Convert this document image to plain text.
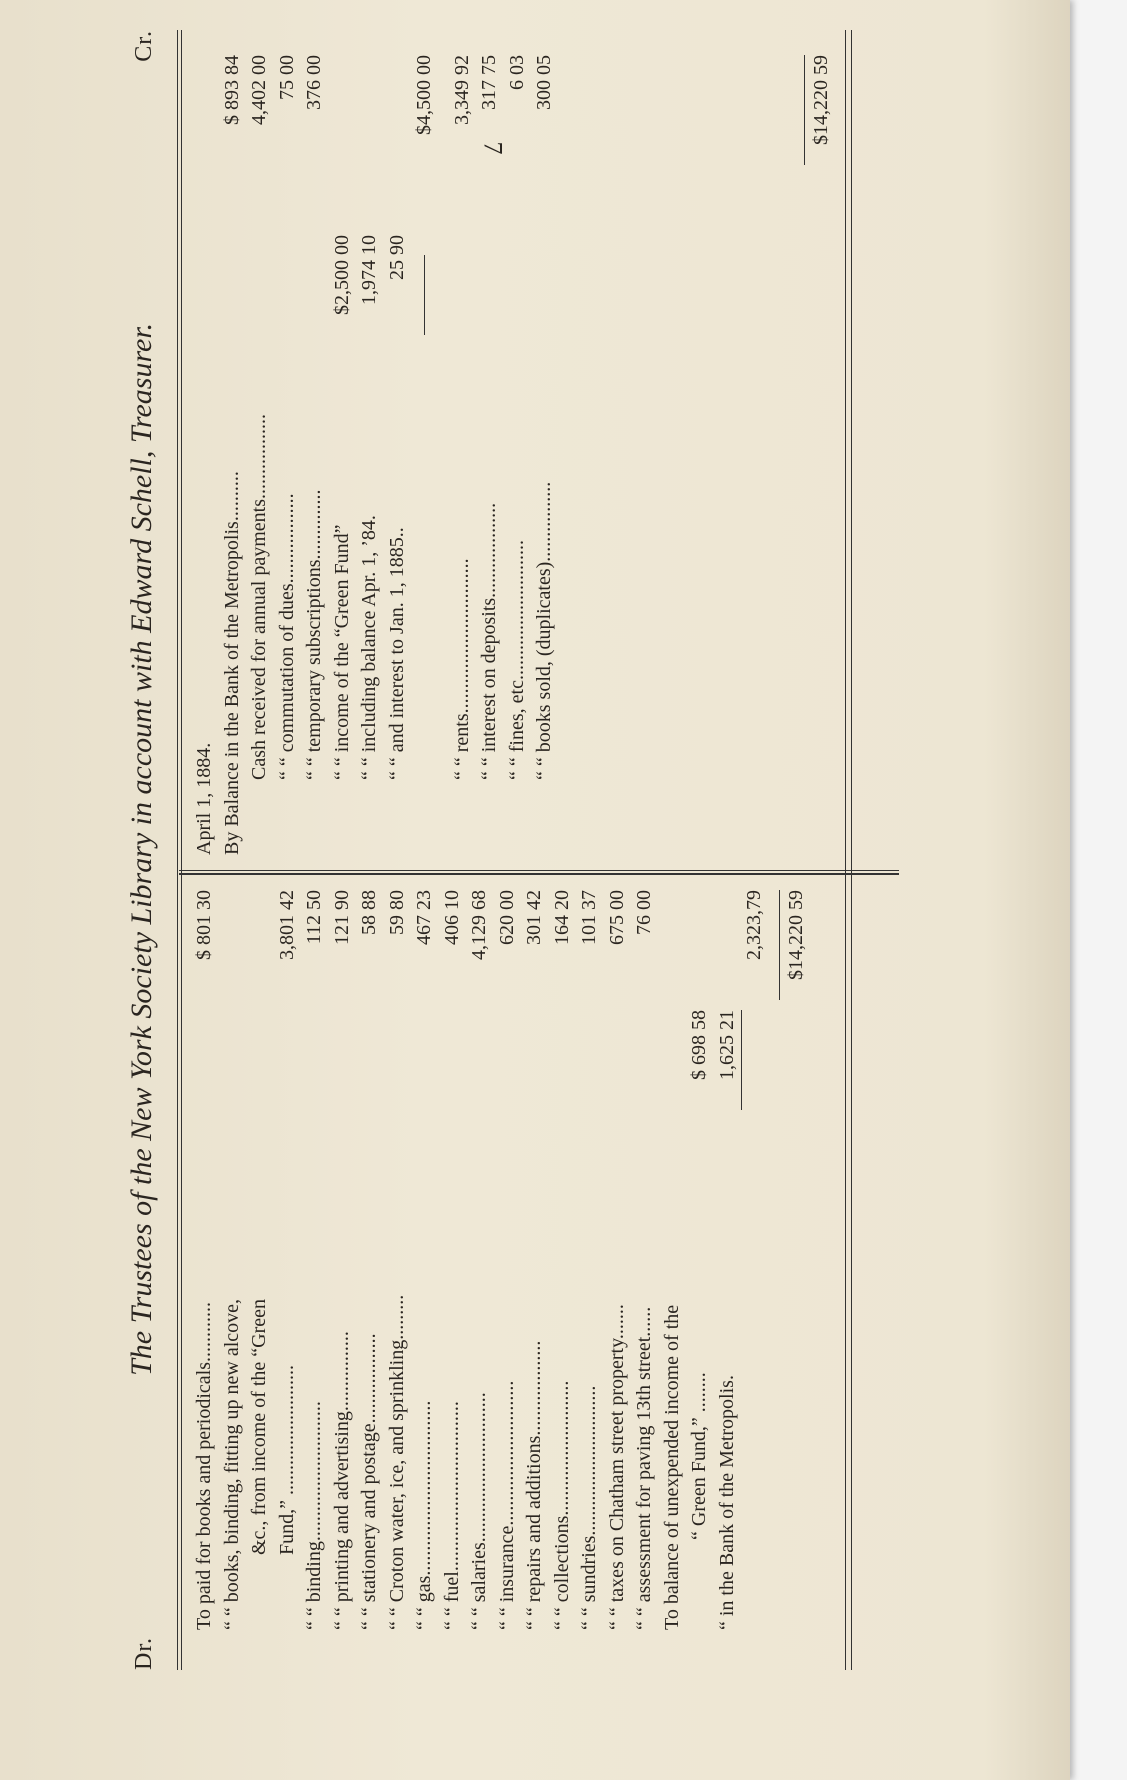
7
Dr.
The Trustees of the New York Society Library in account with Edward Schell, Treasurer.
Cr.
To paid for books and periodicals............
$ 801 30
“ “ books, binding, fitting up new alcove, &c., from income of the “Green Fund,” ..........................
3,801 42
“ “ binding............................
112 50
“ “ printing and advertising................
121 90
“ “ stationery and postage..................
58 88
“ “ Croton water, ice, and sprinkling.........
59 80
“ “ gas...................................
467 23
“ “ fuel..................................
406 10
“ “ salaries..............................
4,129 68
“ “ insurance.............................
620 00
“ “ repairs and additions...................
301 42
“ “ collections...........................
164 20
“ “ sundries..............................
101 37
“ “ taxes on Chatham street property.......
675 00
“ “ assessment for paving 13th street......
76 00
To balance of unexpended income of the “ Green Fund,” ........
$ 698 58
“ in the Bank of the Metropolis.
1,625 21
2,323,79 $14,220 59
April 1, 1884. By Balance in the Bank of the Metropolis..........
$ 893 84
Cash received for annual payments.................
4,402 00
“ “ commutation of dues..................
75 00
“ “ temporary subscriptions..............
376 00
“ “ income of the “Green Fund”
$2,500 00
“ “ including balance Apr. 1, ’84.
1,974 10
“ “ and interest to Jan. 1, 1885..
25 90
$4,500 00
“ “ rents...............................
3,349 92
“ “ interest on deposits...................
317 75
“ “ fines, etc............................
6 03
“ “ books sold, (duplicates)................
300 05	$14,220 59
